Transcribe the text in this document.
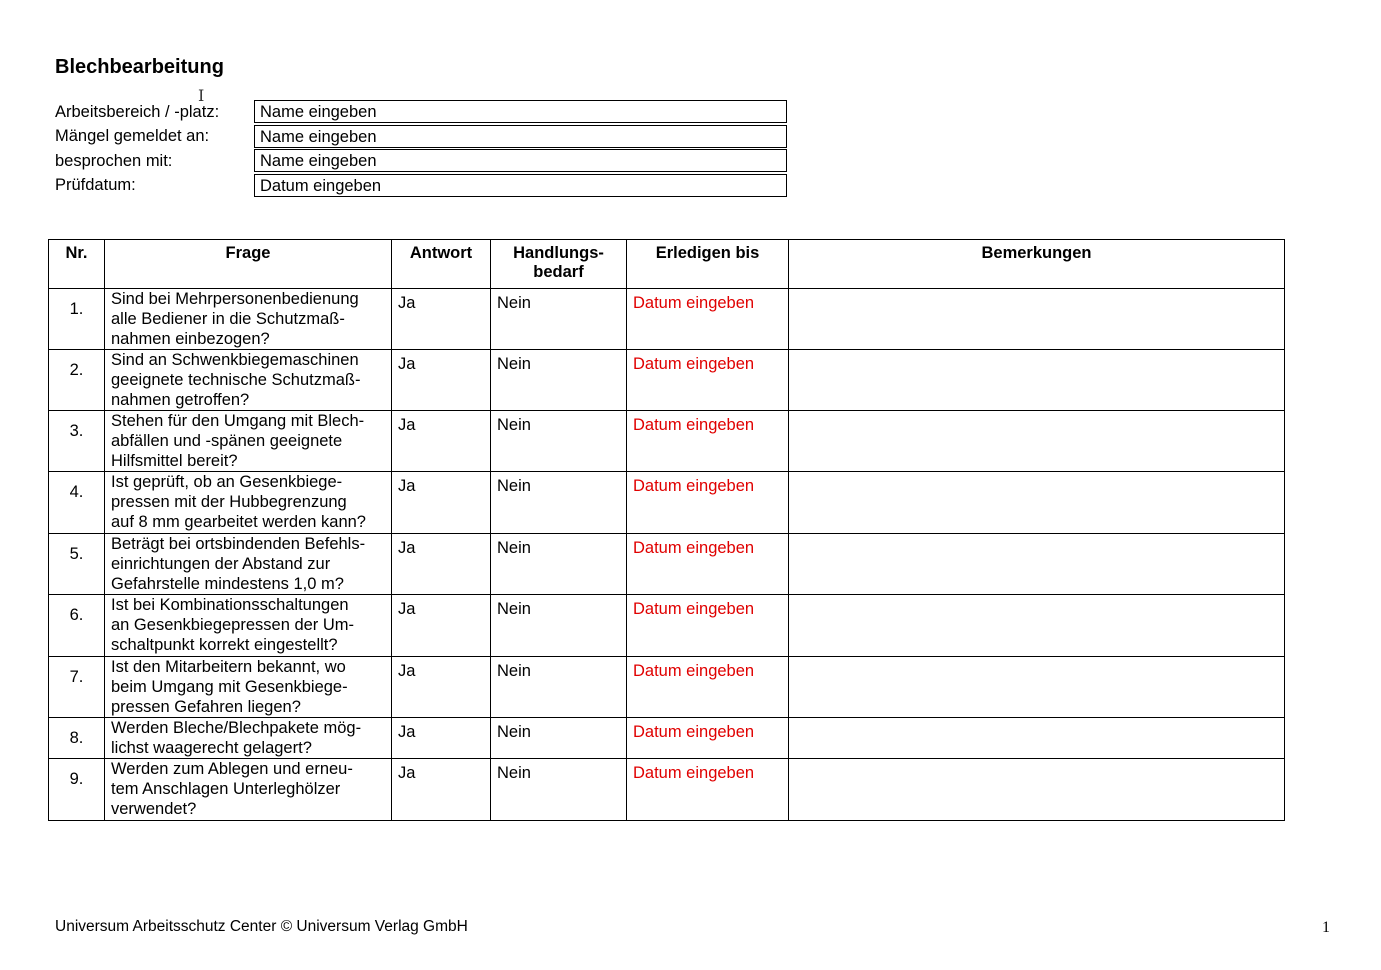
Blechbearbeitung
I
Arbeitsbereich / -platz:	Name eingeben
Mängel gemeldet an:	Name eingeben
besprochen mit:	Name eingeben
Prüfdatum:	Datum eingeben
Nr.	Frage	Antwort	Handlungs-
bedarf	Erledigen bis	Bemerkungen
1.	Sind bei Mehrpersonenbedienung
alle Bediener in die Schutzmaß-
nahmen einbezogen?	Ja	Nein	Datum eingeben	
2.	Sind an Schwenkbiegemaschinen
geeignete technische Schutzmaß-
nahmen getroffen?	Ja	Nein	Datum eingeben	
3.	Stehen für den Umgang mit Blech-
abfällen und -spänen geeignete
Hilfsmittel bereit?	Ja	Nein	Datum eingeben	
4.	Ist geprüft, ob an Gesenkbiege-
pressen mit der Hubbegrenzung
auf 8 mm gearbeitet werden kann?	Ja	Nein	Datum eingeben	
5.	Beträgt bei ortsbindenden Befehls-
einrichtungen der Abstand zur
Gefahrstelle mindestens 1,0 m?	Ja	Nein	Datum eingeben	
6.	Ist bei Kombinationsschaltungen
an Gesenkbiegepressen der Um-
schaltpunkt korrekt eingestellt?	Ja	Nein	Datum eingeben	
7.	Ist den Mitarbeitern bekannt, wo
beim Umgang mit Gesenkbiege-
pressen Gefahren liegen?	Ja	Nein	Datum eingeben	
8.	Werden Bleche/Blechpakete mög-
lichst waagerecht gelagert?	Ja	Nein	Datum eingeben	
9.	Werden zum Ablegen und erneu-
tem Anschlagen Unterleghölzer
verwendet?	Ja	Nein	Datum eingeben	
Universum Arbeitsschutz Center © Universum Verlag GmbH	1
